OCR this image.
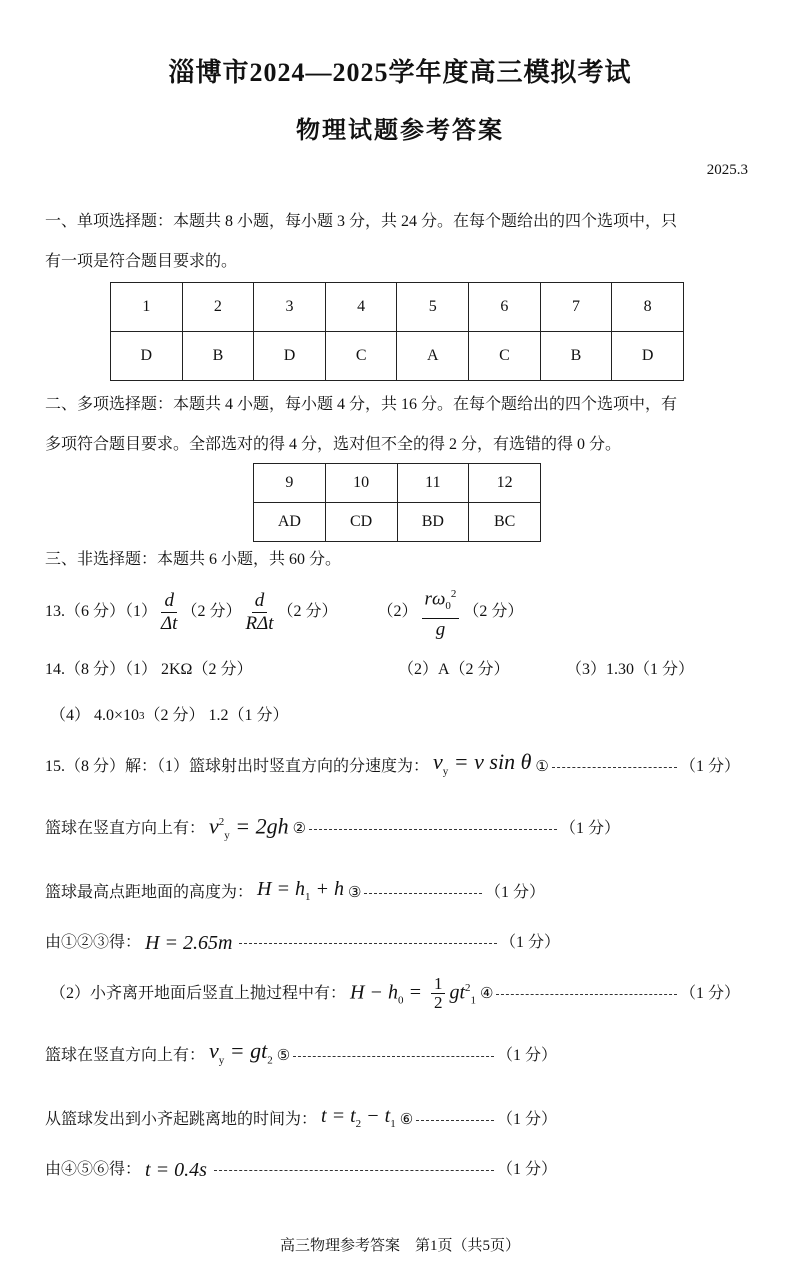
淄博市2024—2025学年度高三模拟考试
物理试题参考答案
2025.3
一、单项选择题：本题共 8 小题，每小题 3 分，共 24 分。在每个题给出的四个选项中，只
有一项是符合题目要求的。
1	2	3	4	5	6	7	8
D	B	D	C	A	C	B	D
二、多项选择题：本题共 4 小题，每小题 4 分，共 16 分。在每个题给出的四个选项中，有
多项符合题目要求。全部选对的得 4 分，选对但不全的得 2 分，有选错的得 0 分。
9	10	11	12
AD	CD	BD	BC
三、非选择题：本题共 6 小题，共 60 分。
13.（6 分）$(1) \frac{d}{\Delta t} (2$ 分） $\frac{d}{\text{RΔt}} (2$ 分）	$(2) \frac{r\omega_0^2}{g} (2$ 分）
14.（8 分）（1） 2KΩ（2 分）	（2）A（2 分）	（3）1.30（1 分）
（4） 4.0×10 3 （2 分） 1.2（1 分）
15.（8 分）解：（1）篮球射出时竖直方向的分速度为： $v_y = v$ sin θ ①	（1 分）
篮球在竖直方向上有： $v^2_y = 2gh$ ②	（1 分）
篮球最高点距地面的高度为： $H = h_1 + h$ ③	（1 分）
由①②③得： H = 2.65m	（1 分）
（2）小齐离开地面后竖直上抛过程中有： $H - h_0 = \frac{1}{2} gt^2_1$ ④	（1 分）
篮球在竖直方向上有： $v_y = gt_2$ ⑤	（1 分）
从篮球发出到小齐起跳离地的时间为： $t = t_2 - t_1$ ⑥	（1 分）
由④⑤⑥得： t = 0.4s	（1 分）
高三物理参考答案　第1页（共5页）
